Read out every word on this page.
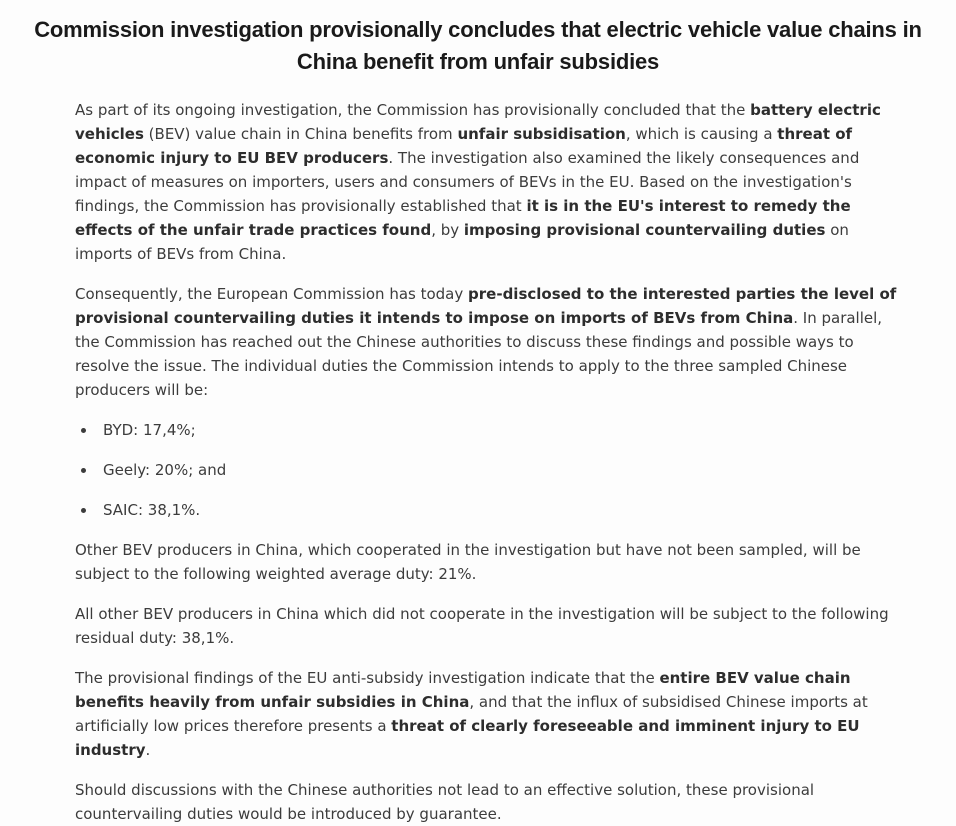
Commission investigation provisionally concludes that electric vehicle value chains in China benefit from unfair subsidies

As part of its ongoing investigation, the Commission has provisionally concluded that the battery electric vehicles (BEV) value chain in China benefits from unfair subsidisation, which is causing a threat of economic injury to EU BEV producers. The investigation also examined the likely consequences and impact of measures on importers, users and consumers of BEVs in the EU. Based on the investigation's findings, the Commission has provisionally established that it is in the EU's interest to remedy the effects of the unfair trade practices found, by imposing provisional countervailing duties on imports of BEVs from China.

Consequently, the European Commission has today pre-disclosed to the interested parties the level of provisional countervailing duties it intends to impose on imports of BEVs from China. In parallel, the Commission has reached out the Chinese authorities to discuss these findings and possible ways to resolve the issue. The individual duties the Commission intends to apply to the three sampled Chinese producers will be:

BYD: 17,4%;
Geely: 20%; and
SAIC: 38,1%.

Other BEV producers in China, which cooperated in the investigation but have not been sampled, will be subject to the following weighted average duty: 21%.

All other BEV producers in China which did not cooperate in the investigation will be subject to the following residual duty: 38,1%.

The provisional findings of the EU anti-subsidy investigation indicate that the entire BEV value chain benefits heavily from unfair subsidies in China, and that the influx of subsidised Chinese imports at artificially low prices therefore presents a threat of clearly foreseeable and imminent injury to EU industry.

Should discussions with the Chinese authorities not lead to an effective solution, these provisional countervailing duties would be introduced by guarantee.
